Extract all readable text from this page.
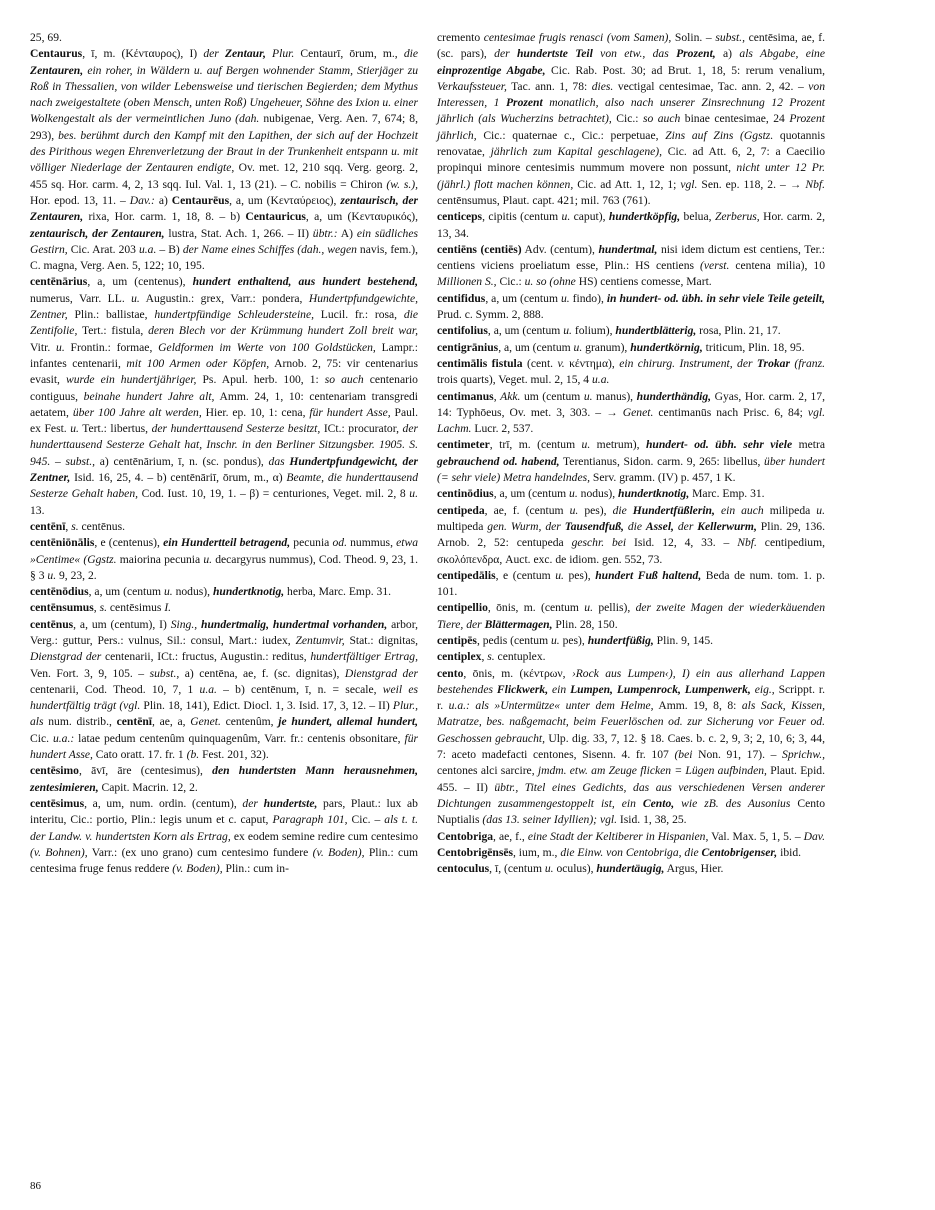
25, 69.

Centaurus, ī, m. (Κένταυρος), I) der Zentaur, Plur. Centaurī, ōrum, m., die Zentauren, ein roher, in Wäldern u. auf Bergen wohnender Stamm, Stierjäger zu Roß in Thessalien, von wilder Lebensweise und tierischen Begierden; dem Mythus nach zweigestaltete (oben Mensch, unten Roß) Ungeheuer, Söhne des Ixion u. einer Wolkengestalt als der vermeintlichen Juno (dah. nubigenae, Verg. Aen. 7, 674; 8, 293), bes. berühmt durch den Kampf mit den Lapithen, der sich auf der Hochzeit des Pirithous wegen Ehrenverletzung der Braut in der Trunkenheit entspann u. mit völliger Niederlage der Zentauren endigte, Ov. met. 12, 210 sqq. Verg. georg. 2, 455 sq. Hor. carm. 4, 2, 13 sqq. Iul. Val. 1, 13 (21). – C. nobilis = Chiron (w. s.), Hor. epod. 13, 11. – Dav.: a) Centaurēus, a, um (Κενταύρειος), zentaurisch, der Zentauren, rixa, Hor. carm. 1, 18, 8. – b) Centauricus, a, um (Κενταυρικός), zentaurisch, der Zentauren, lustra, Stat. Ach. 1, 266. – II) übtr.: A) ein südliches Gestirn, Cic. Arat. 203 u.a. – B) der Name eines Schiffes (dah., wegen navis, fem.), C. magna, Verg. Aen. 5, 122; 10, 195.

centēnārius, a, um (centenus), hundert enthaltend, aus hundert bestehend, numerus, Varr. LL. u. Augustin.: grex, Varr.: pondera, Hundertpfundgewichte, Zentner, Plin.: ballistae, hundertpfündige Schleudersteine, Lucil. fr.: rosa, die Zentifolie, Tert.: fistula, deren Blech vor der Krümmung hundert Zoll breit war, Vitr. u. Frontin.: formae, Geldformen im Werte von 100 Goldstücken, Lampr.: infantes centenarii, mit 100 Armen oder Köpfen, Arnob. 2, 75: vir centenarius evasit, wurde ein hundertjähriger, Ps. Apul. herb. 100, 1: so auch centenario contiguus, beinahe hundert Jahre alt, Amm. 24, 1, 10: centenariam transgredi aetatem, über 100 Jahre alt werden, Hier. ep. 10, 1: cena, für hundert Asse, Paul. ex Fest. u. Tert.: libertus, der hunderttausend Sesterze besitzt, ICt.: procurator, der hunderttausend Sesterze Gehalt hat, Inschr. in den Berliner Sitzungsber. 1905. S. 945. – subst., a) centēnārium, ī, n. (sc. pondus), das Hundertpfundgewicht, der Zentner, Isid. 16, 25, 4. – b) centēnāriī, ōrum, m., α) Beamte, die hunderttausend Sesterze Gehalt haben, Cod. Iust. 10, 19, 1. – β) = centuriones, Veget. mil. 2, 8 u. 13.

centēnī, s. centēnus.

centēniōnālis, e (centenus), ein Hundertteil betragend, pecunia od. nummus, etwa »Centime« (Ggstz. maiorina pecunia u. decargyrus nummus), Cod. Theod. 9, 23, 1. § 3 u. 9, 23, 2.

centēnōdius, a, um (centum u. nodus), hundertknotig, herba, Marc. Emp. 31.

centēnsumus, s. centēsimus I.

centēnus, a, um (centum), I) Sing., hundertmalig, hundertmal vorhanden, arbor, Verg.: guttur, Pers.: vulnus, Sil.: consul, Mart.: iudex, Zentumvir, Stat.: dignitas, Dienstgrad der centenarii, ICt.: fructus, Augustin.: reditus, hundertfältiger Ertrag, Ven. Fort. 3, 9, 105. – subst., a) centēna, ae, f. (sc. dignitas), Dienstgrad der centenarii, Cod. Theod. 10, 7, 1 u.a. – b) centēnum, ī, n. = secale, weil es hundertfältig trägt (vgl. Plin. 18, 141), Edict. Diocl. 1, 3. Isid. 17, 3, 12. – II) Plur., als num. distrib., centēnī, ae, a, Genet. centenûm, je hundert, allemal hundert, Cic. u.a.: latae pedum centenûm quinquagenûm, Varr. fr.: centenis obsonitare, für hundert Asse, Cato oratt. 17. fr. 1 (b. Fest. 201, 32).

centēsimo, āvī, āre (centesimus), den hundertsten Mann herausnehmen, zentesimieren, Capit. Macrin. 12, 2.

centēsimus, a, um, num. ordin. (centum), der hundertste, pars, Plaut.: lux ab interitu, Cic.: portio, Plin.: legis unum et c. caput, Paragraph 101, Cic. – als t. t. der Landw. v. hundertsten Korn als Ertrag, ex eodem semine redire cum centesimo (v. Bohnen), Varr.: (ex uno grano) cum centesimo fundere (v. Boden), Plin.: cum centesima fruge fenus reddere (v. Boden), Plin.: cum in-

cremento centesimae frugis renasci (vom Samen), Solin. – subst., centēsima, ae, f. (sc. pars), der hundertste Teil von etw., das Prozent, a) als Abgabe, eine einprozentige Abgabe, Cic. Rab. Post. 30; ad Brut. 1, 18, 5: rerum venalium, Verkaufssteuer, Tac. ann. 1, 78: dies. vectigal centesimae, Tac. ann. 2, 42. – von Interessen, 1 Prozent monatlich, also nach unserer Zinsrechnung 12 Prozent jährlich (als Wucherzins betrachtet), Cic.: so auch binae centesimae, 24 Prozent jährlich, Cic.: quaternae c., Cic.: perpetuae, Zins auf Zins (Ggstz. quotannis renovatae, jährlich zum Kapital geschlagene), Cic. ad Att. 6, 2, 7: a Caecilio propinqui minore centesimis nummum movere non possunt, nicht unter 12 Pr. (jährl.) flott machen können, Cic. ad Att. 1, 12, 1; vgl. Sen. ep. 118, 2. – → Nbf. centēnsumus, Plaut. capt. 421; mil. 763 (761).

centiceps, cipitis (centum u. caput), hundertköpfig, belua, Zerberus, Hor. carm. 2, 13, 34.

centiēns (centiēs) Adv. (centum), hundertmal, nisi idem dictum est centiens, Ter.: centiens viciens proeliatum esse, Plin.: HS centiens (verst. centena milia), 10 Millionen S., Cic.: u. so (ohne HS) centiens comesse, Mart.

centifidus, a, um (centum u. findo), in hundert- od. übh. in sehr viele Teile geteilt, Prud. c. Symm. 2, 888.

centifolius, a, um (centum u. folium), hundertblätterig, rosa, Plin. 21, 17.

centigrānius, a, um (centum u. granum), hundertkörnig, triticum, Plin. 18, 95.

centimālis fistula (cent. v. κέντημα), ein chirurg. Instrument, der Trokar (franz. trois quarts), Veget. mul. 2, 15, 4 u.a.

centimanus, Akk. um (centum u. manus), hunderthändig, Gyas, Hor. carm. 2, 17, 14: Typhōeus, Ov. met. 3, 303. – → Genet. centimanūs nach Prisc. 6, 84; vgl. Lachm. Lucr. 2, 537.

centimeter, trī, m. (centum u. metrum), hundert- od. übh. sehr viele metra gebrauchend od. habend, Terentianus, Sidon. carm. 9, 265: libellus, über hundert (= sehr viele) Metra handelndes, Serv. gramm. (IV) p. 457, 1 K.

centinōdius, a, um (centum u. nodus), hundertknotig, Marc. Emp. 31.

centipeda, ae, f. (centum u. pes), die Hundertfüßlerin, ein auch milipeda u. multipeda gen. Wurm, der Tausendfuß, die Assel, der Kellerwurm, Plin. 29, 136. Arnob. 2, 52: centupeda geschr. bei Isid. 12, 4, 33. – Nbf. centipedium, σκολόπενδρα, Auct. exc. de idiom. gen. 552, 73.

centipedālis, e (centum u. pes), hundert Fuß haltend, Beda de num. tom. 1. p. 101.

centipellio, ōnis, m. (centum u. pellis), der zweite Magen der wiederkäuenden Tiere, der Blättermagen, Plin. 28, 150.

centipēs, pedis (centum u. pes), hundertfüßig, Plin. 9, 145.

centiplex, s. centuplex.

cento, ōnis, m. (κέντρων, ›Rock aus Lumpen‹), I) ein aus allerhand Lappen bestehendes Flickwerk, ein Lumpen, Lumpenrock, Lumpenwerk, eig., Scrippt. r. r. u.a.: als »Untermütze« unter dem Helme, Amm. 19, 8, 8: als Sack, Kissen, Matratze, bes. naßgemacht, beim Feuerlöschen od. zur Sicherung vor Feuer od. Geschossen gebraucht, Ulp. dig. 33, 7, 12. § 18. Caes. b. c. 2, 9, 3; 2, 10, 6; 3, 44, 7: aceto madefacti centones, Sisenn. 4. fr. 107 (bei Non. 91, 17). – Sprichw., centones alci sarcire, jmdm. etw. am Zeuge flicken = Lügen aufbinden, Plaut. Epid. 455. – II) übtr., Titel eines Gedichts, das aus verschiedenen Versen anderer Dichtungen zusammengestoppelt ist, ein Cento, wie zB. des Ausonius Cento Nuptialis (das 13. seiner Idyllien); vgl. Isid. 1, 38, 25.

Centobriga, ae, f., eine Stadt der Keltiberer in Hispanien, Val. Max. 5, 1, 5. – Dav. Centobrigēnsēs, ium, m., die Einw. von Centobriga, die Centobrigenser, ibid.

centoculus, ī, (centum u. oculus), hundertäugig, Argus, Hier.

86
